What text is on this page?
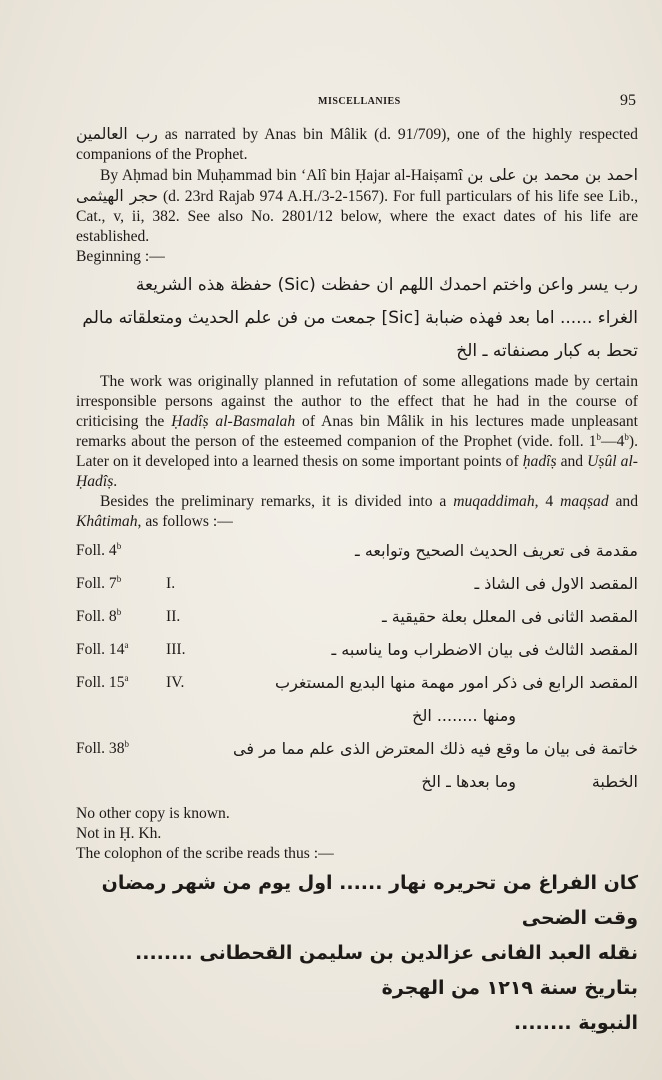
MISCELLANIES	95

رب العالمين as narrated by Anas bin Mâlik (d. 91/709), one of the highly respected companions of the Prophet.

By Aḥmad bin Muḥammad bin ‘Alî bin Ḥajar al-Haiṣamî احمد بن محمد بن على بن حجر الهيثمى (d. 23rd Rajab 974 A.H./3-2-1567). For full particulars of his life see Lib., Cat., v, ii, 382. See also No. 2801/12 below, where the exact dates of his life are established.

Beginning :—

رب يسر واعن واختم احمدك اللهم ان حفظت (Sic) حفظة هذه الشريعة

الغراء ...... اما بعد فهذه ضبابة [Sic] جمعت من فن علم الحديث ومتعلقاته مالم

تحط به كبار مصنفاته ـ الخ

The work was originally planned in refutation of some allegations made by certain irresponsible persons against the author to the effect that he had in the course of criticising the Ḥadîṣ al-Basmalah of Anas bin Mâlik in his lectures made unpleasant remarks about the person of the esteemed companion of the Prophet (vide. foll. 1$^b$—4$^b$). Later on it developed into a learned thesis on some important points of ḥadîṣ and Uṣûl al-Ḥadîṣ.

Besides the preliminary remarks, it is divided into a muqaddimah, 4 maqṣad and Khâtimah, as follows :—

Foll. 4$^b$	مقدمة فى تعريف الحديث الصحيح وتوابعه ـ
Foll. 7$^b$	I.	المقصد الاول فى الشاذ ـ
Foll. 8$^b$	II.	المقصد الثانى فى المعلل بعلة حقيقية ـ
Foll. 14$^a$	III.	المقصد الثالث فى بيان الاضطراب وما يناسبه ـ
Foll. 15$^a$	IV.	المقصد الرابع فى ذكر امور مهمة منها البديع المستغرب
ومنها ........ الخ
Foll. 38$^b$	خاتمة فى بيان ما وقع فيه ذلك المعترض الذى علم مما مر فى الخطبة
وما بعدها ـ الخ

No other copy is known.

Not in Ḥ. Kh.

The colophon of the scribe reads thus :—

كان الفراغ من تحريره نهار ...... اول يوم من شهر رمضان وقت الضحى

نقله العبد الفانى عزالدين بن سليمن القحطانى ........ بتاريخ سنة ١٢١٩ من الهجرة

النبوية ........
